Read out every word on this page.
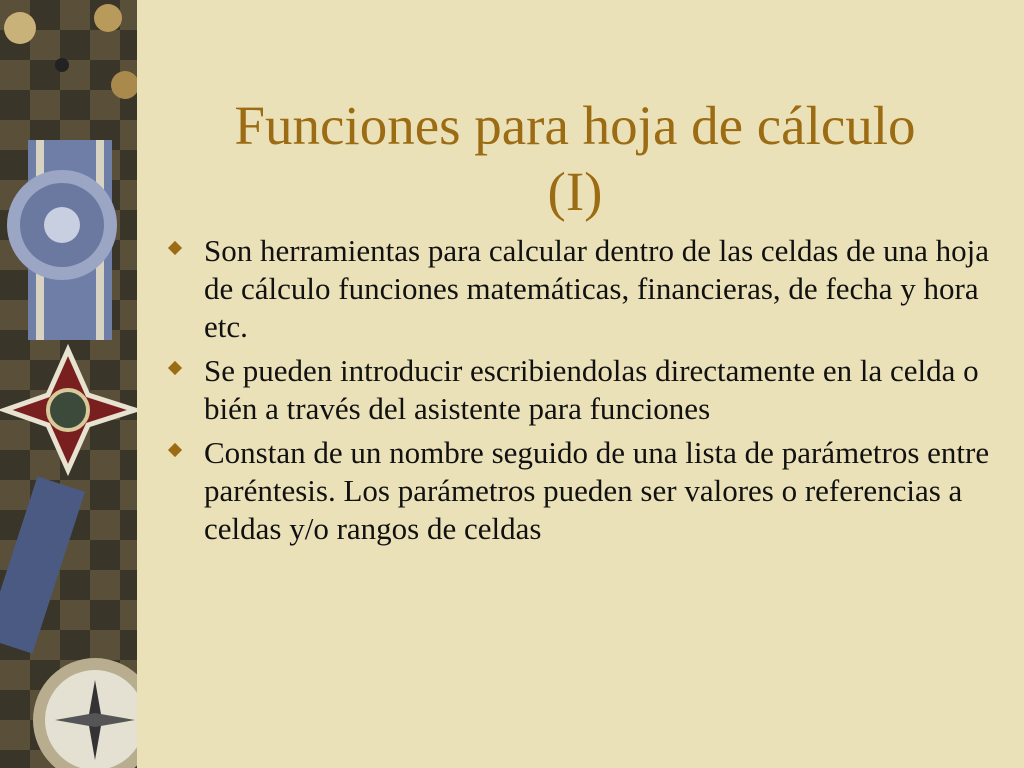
Funciones para hoja de cálculo
(I)
Son herramientas para calcular dentro de las celdas de una hoja de cálculo funciones matemáticas, financieras, de fecha y hora etc.
Se pueden introducir escribiendolas directamente en la celda o bién a través del asistente para funciones
Constan de un nombre seguido de una lista de parámetros entre paréntesis. Los parámetros pueden ser valores o referencias a celdas y/o rangos de celdas
